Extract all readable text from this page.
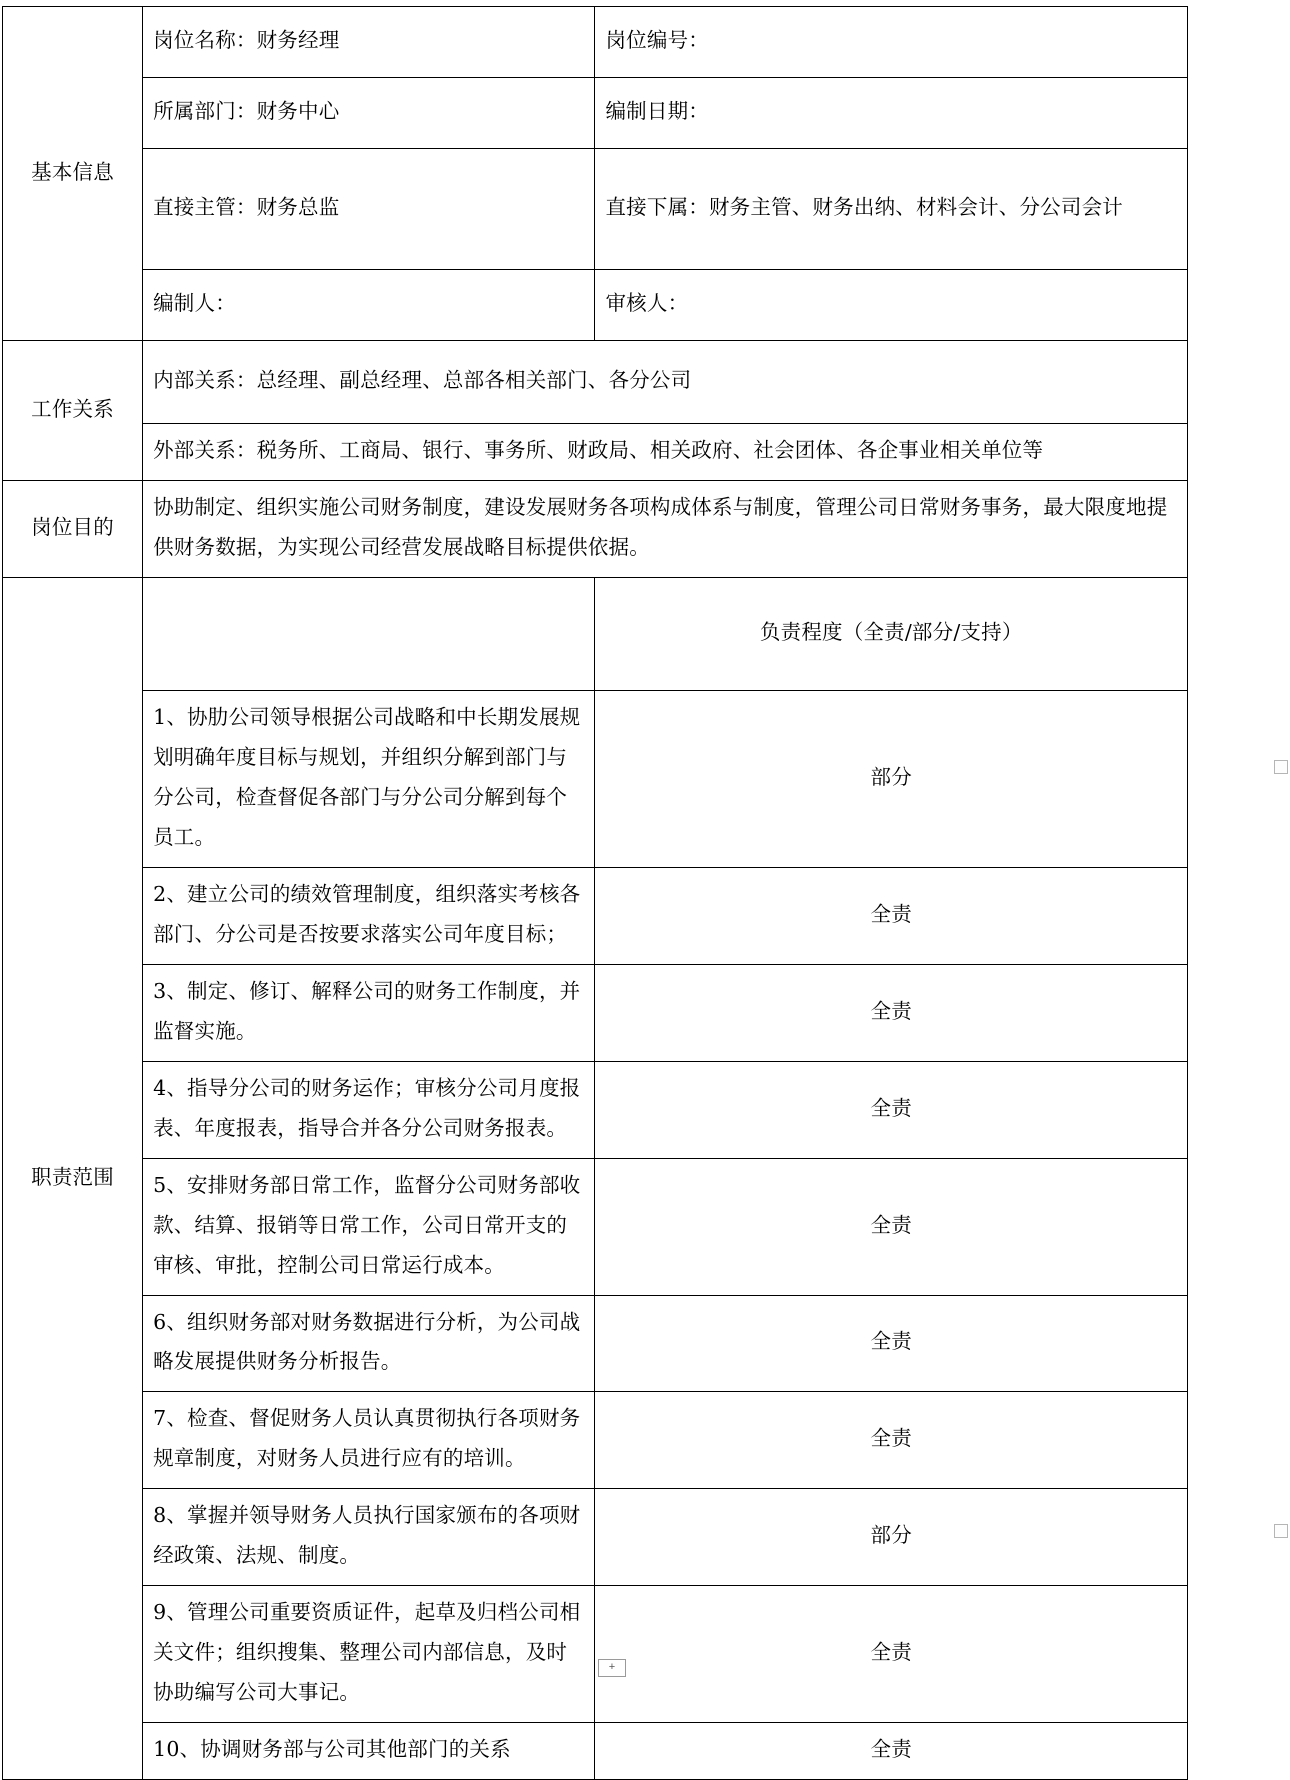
基本信息	岗位名称：财务经理	岗位编号：
	所属部门：财务中心	编制日期：
	直接主管：财务总监	直接下属：财务主管、财务出纳、材料会计、分公司会计
	编制人：	审核人：
工作关系	内部关系：总经理、副总经理、总部各相关部门、各分公司	
	外部关系：税务所、工商局、银行、事务所、财政局、相关政府、社会团体、各企事业相关单位等	
岗位目的	协助制定、组织实施公司财务制度，建设发展财务各项构成体系与制度，管理公司日常财务事务，最大限度地提供财务数据，为实现公司经营发展战略目标提供依据。	
职责范围		负责程度（全责/部分/支持）
	1、协肋公司领导根据公司战略和中长期发展规划明确年度目标与规划，并组织分解到部门与分公司，检查督促各部门与分公司分解到每个员工。	部分
	2、建立公司的绩效管理制度，组织落实考核各部门、分公司是否按要求落实公司年度目标；	全责
	3、制定、修订、解释公司的财务工作制度，并监督实施。	全责
	4、指导分公司的财务运作；审核分公司月度报表、年度报表，指导合并各分公司财务报表。	全责
	5、安排财务部日常工作，监督分公司财务部收款、结算、报销等日常工作，公司日常开支的审核、审批，控制公司日常运行成本。	全责
	6、组织财务部对财务数据进行分析，为公司战略发展提供财务分析报告。	全责
	7、检查、督促财务人员认真贯彻执行各项财务规章制度，对财务人员进行应有的培训。	全责
	8、掌握并领导财务人员执行国家颁布的各项财经政策、法规、制度。	部分
	9、管理公司重要资质证件，起草及归档公司相关文件；组织搜集、整理公司内部信息，及时协助编写公司大事记。	全责
	10、协调财务部与公司其他部门的关系	全责
+
